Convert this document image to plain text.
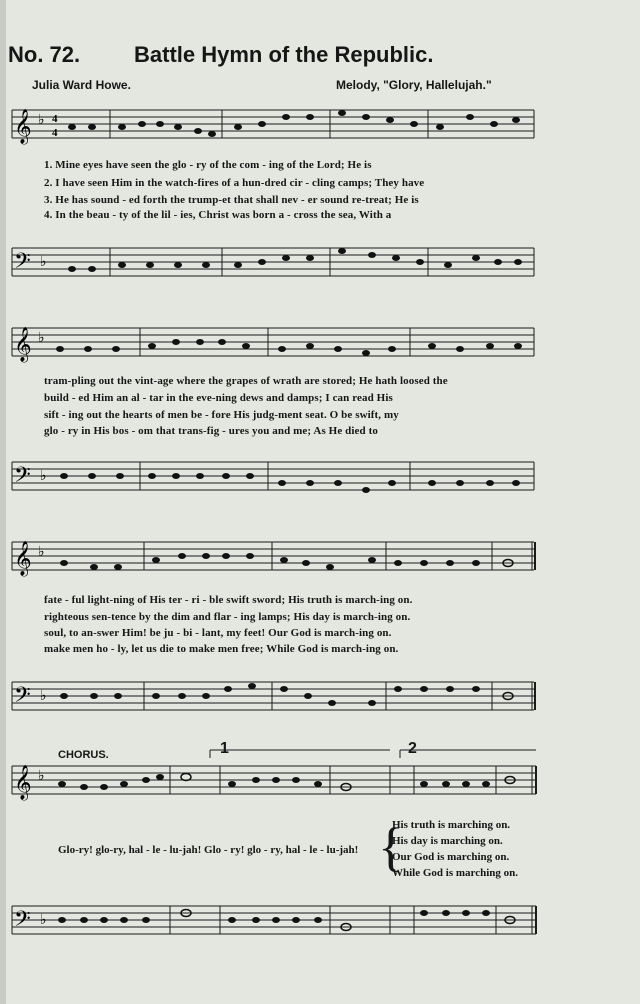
No. 72. Battle Hymn of the Republic.
Julia Ward Howe.	Melody, "Glory, Hallelujah."
𝄞 ♭ 4
4
1. Mine eyes have seen the glo - ry of the com - ing of the Lord; He is
2. I have seen Him in the watch-fires of a hun-dred cir - cling camps; They have
3. He has sound - ed forth the trump-et that shall nev - er sound re-treat; He is
4. In the beau - ty of the lil - ies, Christ was born a - cross the sea, With a
𝄢 ♭
𝄞 ♭
tram-pling out the vint-age where the grapes of wrath are stored; He hath loosed the
build - ed Him an al - tar in the eve-ning dews and damps; I can read His
sift - ing out the hearts of men be - fore His judg-ment seat. O be swift, my
glo - ry in His bos - om that trans-fig - ures you and me; As He died to
𝄢 ♭
𝄞 ♭
fate - ful light-ning of His ter - ri - ble swift sword; His truth is march-ing on.
righteous sen-tence by the dim and flar - ing lamps; His day is march-ing on.
soul, to an-swer Him! be ju - bi - lant, my feet! Our God is march-ing on.
make men ho - ly, let us die to make men free; While God is march-ing on.
𝄢 ♭
CHORUS.	1	2
𝄞 ♭
Glo-ry! glo-ry, hal - le - lu-jah! Glo - ry! glo - ry, hal - le - lu-jah! {
His truth is marching on.
His day is marching on.
Our God is marching on.
While God is marching on.
𝄢 ♭
